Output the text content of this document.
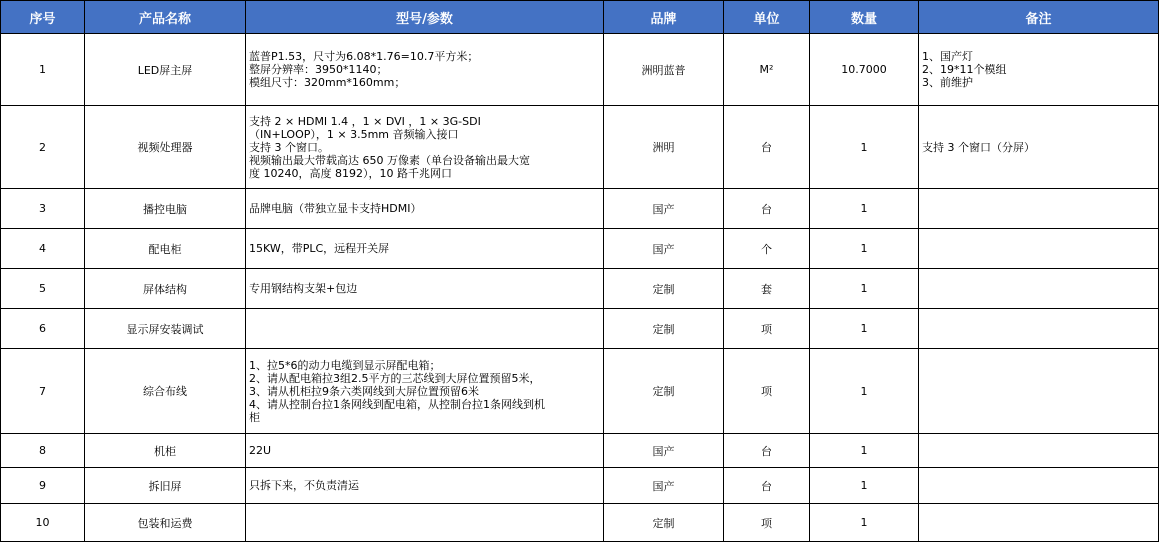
序号	产品名称	型号/参数	品牌	单位	数量	备注
1	LED屏主屏	蓝普P1.53，尺寸为6.08*1.76=10.7平方米；
整屏分辨率：3950*1140；
模组尺寸：320mm*160mm；	洲明蓝普	M²	10.7000	1、国产灯
2、19*11个模组
3、前维护
2	视频处理器	支持 2 × HDMI 1.4 ，1 × DVI ，1 × 3G-SDI
（IN+LOOP），1 × 3.5mm 音频输入接口
支持 3 个窗口。
视频输出最大带载高达 650 万像素（单台设备输出最大宽
度 10240，高度 8192），10 路千兆网口	洲明	台	1	支持 3 个窗口（分屏）
3	播控电脑	品牌电脑（带独立显卡支持HDMI）	国产	台	1	
4	配电柜	15KW，带PLC，远程开关屏	国产	个	1	
5	屏体结构	专用钢结构支架+包边	定制	套	1	
6	显示屏安装调试		定制	项	1	
7	综合布线	1、拉5*6的动力电缆到显示屏配电箱；
2、请从配电箱拉3组2.5平方的三芯线到大屏位置预留5米，
3、请从机柜拉9条六类网线到大屏位置预留6米
4、请从控制台拉1条网线到配电箱，从控制台拉1条网线到机
柜	定制	项	1	
8	机柜	22U	国产	台	1	
9	拆旧屏	只拆下来，不负责清运	国产	台	1	
10	包装和运费		定制	项	1	
